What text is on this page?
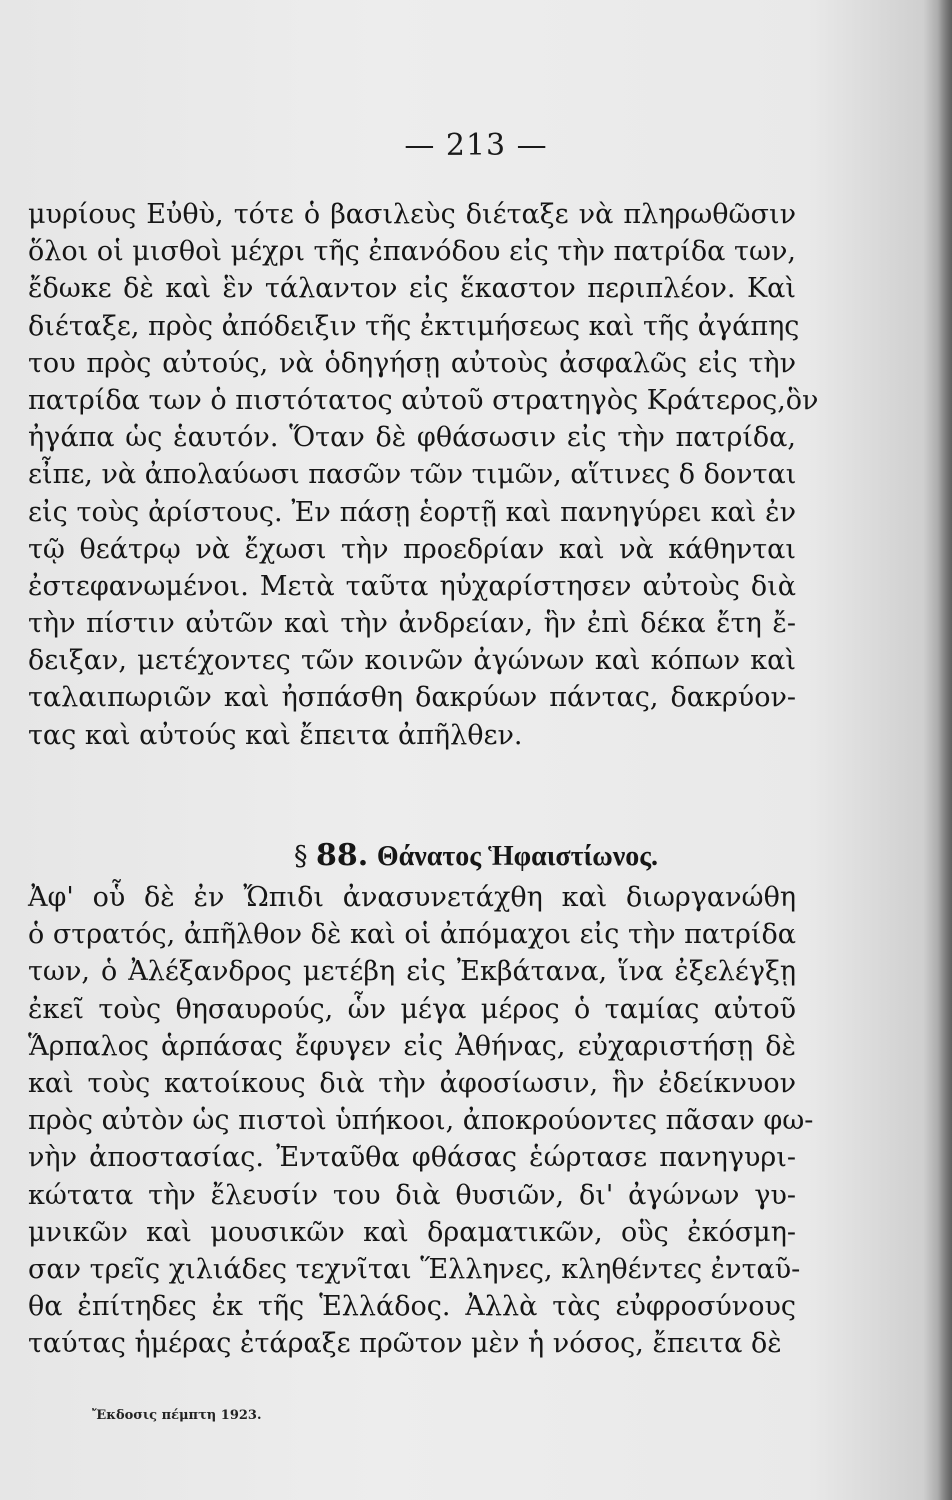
— 213 —
μυρίους Εὐθὺ, τότε ὁ βασιλεὺς διέταξε νὰ πληρωθῶσιν
ὅλοι οἱ μισθοὶ μέχρι τῆς ἐπανόδου εἰς τὴν πατρίδα των,
ἔδωκε δὲ καὶ ἓν τάλαντον εἰς ἕκαστον περιπλέον. Καὶ
διέταξε, πρὸς ἀπόδειξιν τῆς ἐκτιμήσεως καὶ τῆς ἀγάπης
του πρὸς αὐτούς, νὰ ὁδηγήσῃ αὐτοὺς ἀσφαλῶς εἰς τὴν
πατρίδα των ὁ πιστότατος αὐτοῦ στρατηγὸς Κράτερος,ὃν
ἠγάπα ὡς ἑαυτόν. Ὅταν δὲ φθάσωσιν εἰς τὴν πατρίδα,
εἶπε, νὰ ἀπολαύωσι πασῶν τῶν τιμῶν, αἵτινες δ δονται
εἰς τοὺς ἀρίστους. Ἐν πάσῃ ἑορτῇ καὶ πανηγύρει καὶ ἐν
τῷ θεάτρῳ νὰ ἔχωσι τὴν προεδρίαν καὶ νὰ κάθηνται
ἐστεφανωμένοι. Μετὰ ταῦτα ηὐχαρίστησεν αὐτοὺς διὰ
τὴν πίστιν αὐτῶν καὶ τὴν ἀνδρείαν, ἣν ἐπὶ δέκα ἔτη ἔ-
δειξαν, μετέχοντες τῶν κοινῶν ἀγώνων καὶ κόπων καὶ
ταλαιπωριῶν καὶ ἠσπάσθη δακρύων πάντας, δακρύον-
τας καὶ αὐτούς καὶ ἔπειτα ἀπῆλθεν.
§ 88. Θάνατος Ἡφαιστίωνος.
Ἀφ' οὗ δὲ ἐν Ὤπιδι ἀνασυνετάχθη καὶ διωργανώθη
ὁ στρατός, ἀπῆλθον δὲ καὶ οἱ ἀπόμαχοι εἰς τὴν πατρίδα
των, ὁ Ἀλέξανδρος μετέβη εἰς Ἐκβάτανα, ἵνα ἐξελέγξῃ
ἐκεῖ τοὺς θησαυρούς, ὧν μέγα μέρος ὁ ταμίας αὐτοῦ
Ἅρπαλος ἁρπάσας ἔφυγεν εἰς Ἀθήνας, εὐχαριστήσῃ δὲ
καὶ τοὺς κατοίκους διὰ τὴν ἀφοσίωσιν, ἣν ἐδείκνυον
πρὸς αὐτὸν ὡς πιστοὶ ὑπήκοοι, ἀποκρούοντες πᾶσαν φω-
νὴν ἀποστασίας. Ἐνταῦθα φθάσας ἑώρτασε πανηγυρι-
κώτατα τὴν ἔλευσίν του διὰ θυσιῶν, δι' ἀγώνων γυ-
μνικῶν καὶ μουσικῶν καὶ δραματικῶν, οὓς ἐκόσμη-
σαν τρεῖς χιλιάδες τεχνῖται Ἕλληνες, κληθέντες ἐνταῦ-
θα ἐπίτηδες ἐκ τῆς Ἑλλάδος. Ἀλλὰ τὰς εὐφροσύνους
ταύτας ἡμέρας ἐτάραξε πρῶτον μὲν ἡ νόσος, ἔπειτα δὲ
Ἔκδοσις πέμπτη 1923.
